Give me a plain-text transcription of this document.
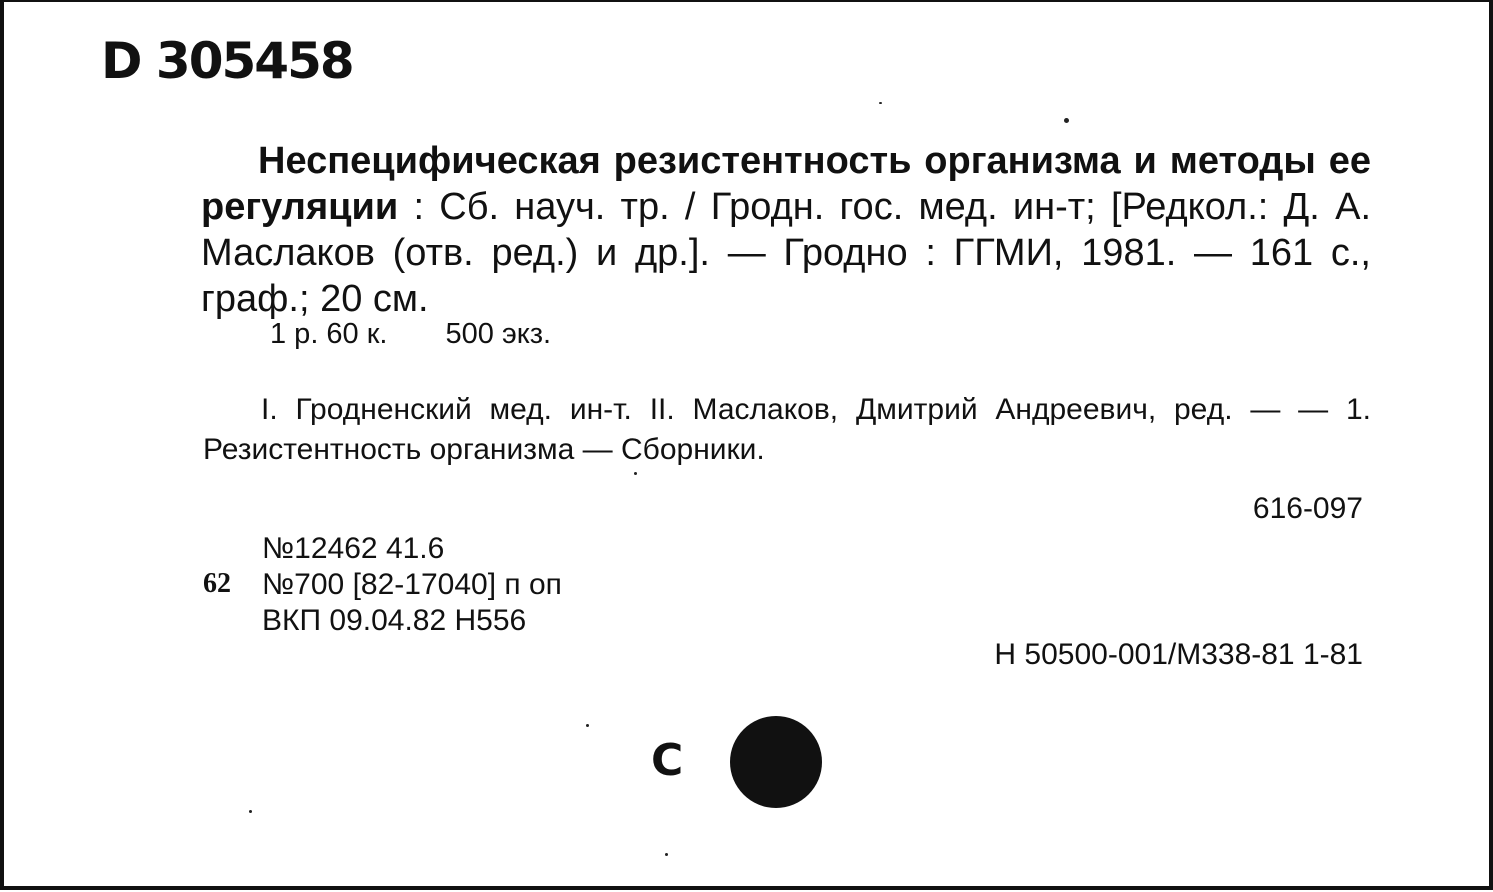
D 305458
Неспецифическая резистентность организма и методы ее регуляции : Сб. науч. тр. / Гродн. гос. мед. ин-т; [Редкол.: Д. А. Маслаков (отв. ред.) и др.]. — Гродно : ГГМИ, 1981. — 161 с., граф.; 20 см.
1 р. 60 к. 500 экз.
I. Гродненский мед. ин-т. II. Маслаков, Дмитрий Андреевич, ред. — — 1. Резистентность организма — Сборники.
616-097
№12462 41.6
62 №700 [82-17040] п оп
ВКП 09.04.82 Н556
Н 50500-001/М338-81 1-81
С
